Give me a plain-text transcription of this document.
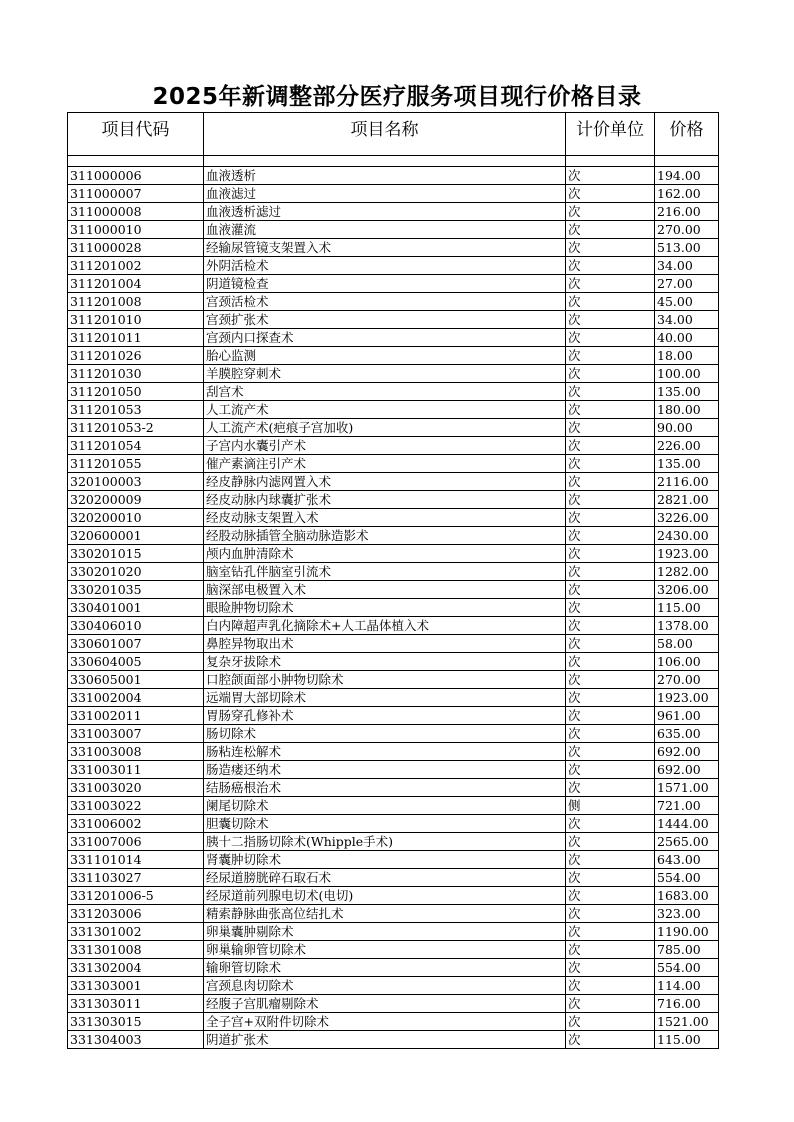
2025年新调整部分医疗服务项目现行价格目录
项目代码	项目名称	计价单位	价格

311000006	血液透析	次	194.00
311000007	血液滤过	次	162.00
311000008	血液透析滤过	次	216.00
311000010	血液灌流	次	270.00
311000028	经输尿管镜支架置入术	次	513.00
311201002	外阴活检术	次	34.00
311201004	阴道镜检查	次	27.00
311201008	宫颈活检术	次	45.00
311201010	宫颈扩张术	次	34.00
311201011	宫颈内口探查术	次	40.00
311201026	胎心监测	次	18.00
311201030	羊膜腔穿刺术	次	100.00
311201050	刮宫术	次	135.00
311201053	人工流产术	次	180.00
311201053-2	人工流产术(疤痕子宫加收)	次	90.00
311201054	子宫内水囊引产术	次	226.00
311201055	催产素滴注引产术	次	135.00
320100003	经皮静脉内滤网置入术	次	2116.00
320200009	经皮动脉内球囊扩张术	次	2821.00
320200010	经皮动脉支架置入术	次	3226.00
320600001	经股动脉插管全脑动脉造影术	次	2430.00
330201015	颅内血肿清除术	次	1923.00
330201020	脑室钻孔伴脑室引流术	次	1282.00
330201035	脑深部电极置入术	次	3206.00
330401001	眼睑肿物切除术	次	115.00
330406010	白内障超声乳化摘除术+人工晶体植入术	次	1378.00
330601007	鼻腔异物取出术	次	58.00
330604005	复杂牙拔除术	次	106.00
330605001	口腔颌面部小肿物切除术	次	270.00
331002004	远端胃大部切除术	次	1923.00
331002011	胃肠穿孔修补术	次	961.00
331003007	肠切除术	次	635.00
331003008	肠粘连松解术	次	692.00
331003011	肠造瘘还纳术	次	692.00
331003020	结肠癌根治术	次	1571.00
331003022	阑尾切除术	侧	721.00
331006002	胆囊切除术	次	1444.00
331007006	胰十二指肠切除术(Whipple手术)	次	2565.00
331101014	肾囊肿切除术	次	643.00
331103027	经尿道膀胱碎石取石术	次	554.00
331201006-5	经尿道前列腺电切术(电切)	次	1683.00
331203006	精索静脉曲张高位结扎术	次	323.00
331301002	卵巢囊肿剔除术	次	1190.00
331301008	卵巢输卵管切除术	次	785.00
331302004	输卵管切除术	次	554.00
331303001	宫颈息肉切除术	次	114.00
331303011	经腹子宫肌瘤剔除术	次	716.00
331303015	全子宫+双附件切除术	次	1521.00
331304003	阴道扩张术	次	115.00
